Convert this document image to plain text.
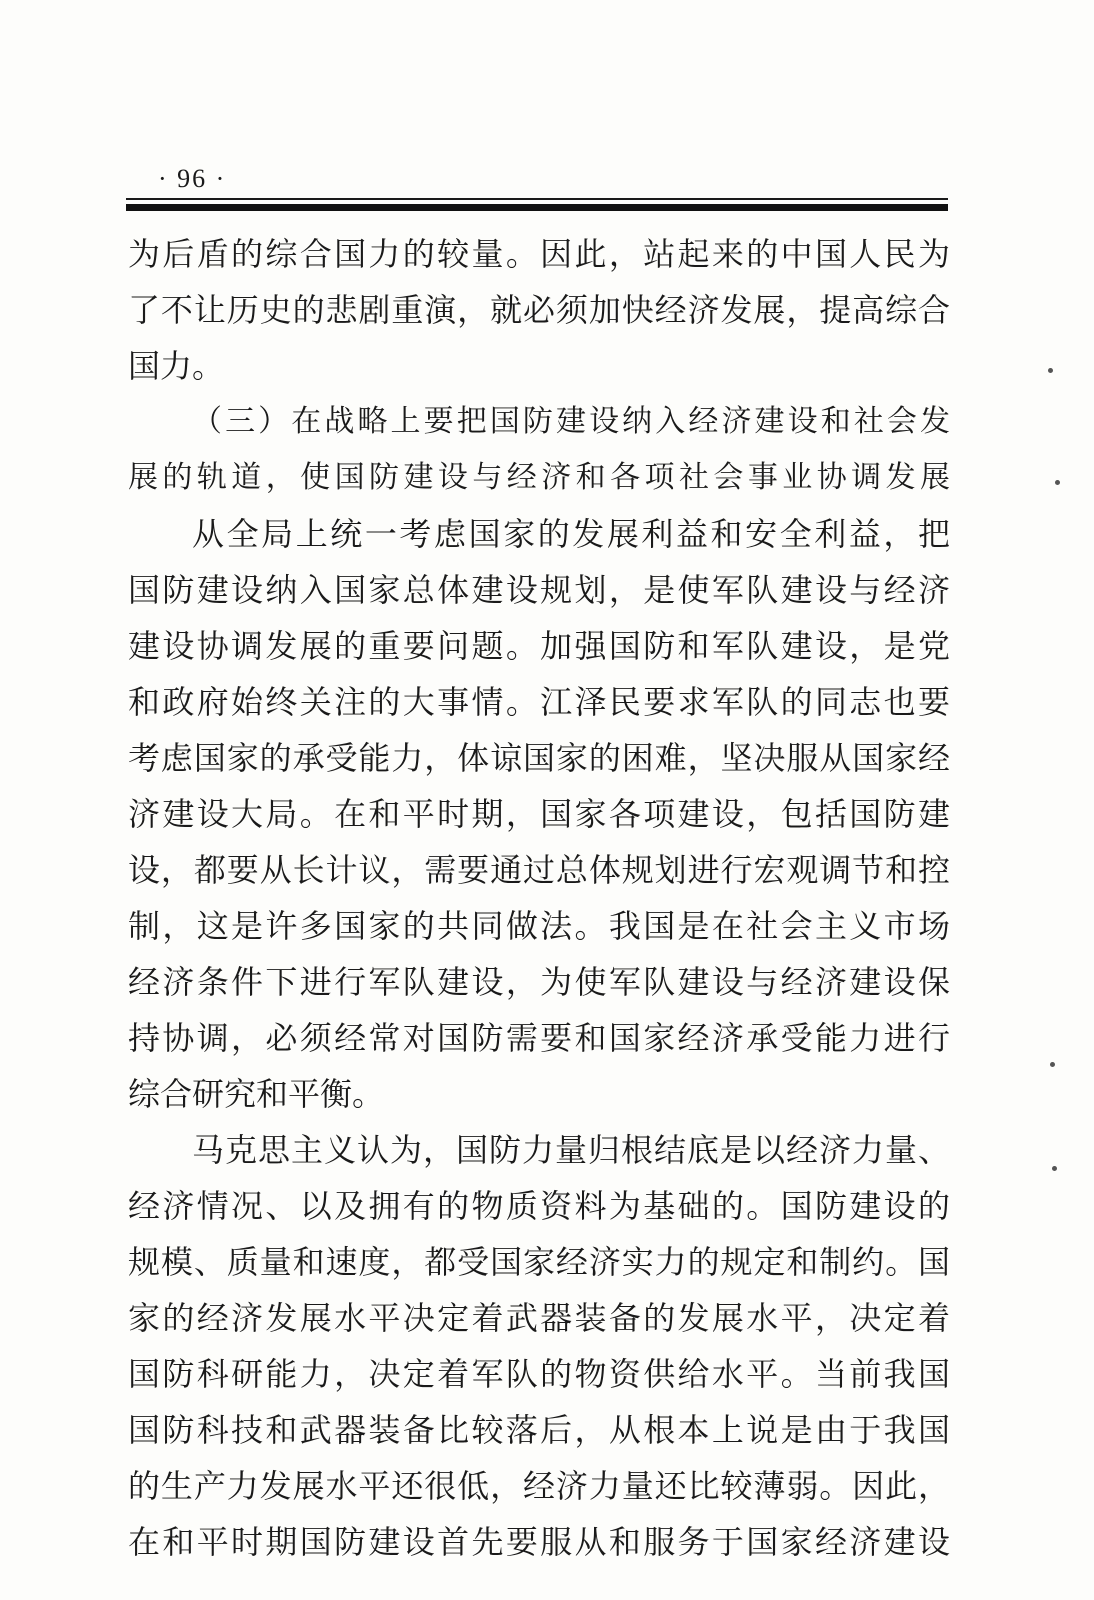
· 96 ·
为后盾的综合国力的较量。因此，站起来的中国人民为
了不让历史的悲剧重演，就必须加快经济发展，提高综合
国力。
（三）在战略上要把国防建设纳入经济建设和社会发
展的轨道，使国防建设与经济和各项社会事业协调发展
从全局上统一考虑国家的发展利益和安全利益，把
国防建设纳入国家总体建设规划，是使军队建设与经济
建设协调发展的重要问题。加强国防和军队建设，是党
和政府始终关注的大事情。江泽民要求军队的同志也要
考虑国家的承受能力，体谅国家的困难，坚决服从国家经
济建设大局。在和平时期，国家各项建设，包括国防建
设，都要从长计议，需要通过总体规划进行宏观调节和控
制，这是许多国家的共同做法。我国是在社会主义市场
经济条件下进行军队建设，为使军队建设与经济建设保
持协调，必须经常对国防需要和国家经济承受能力进行
综合研究和平衡。
马克思主义认为，国防力量归根结底是以经济力量、
经济情况、以及拥有的物质资料为基础的。国防建设的
规模、质量和速度，都受国家经济实力的规定和制约。国
家的经济发展水平决定着武器装备的发展水平，决定着
国防科研能力，决定着军队的物资供给水平。当前我国
国防科技和武器装备比较落后，从根本上说是由于我国
的生产力发展水平还很低，经济力量还比较薄弱。因此，
在和平时期国防建设首先要服从和服务于国家经济建设
